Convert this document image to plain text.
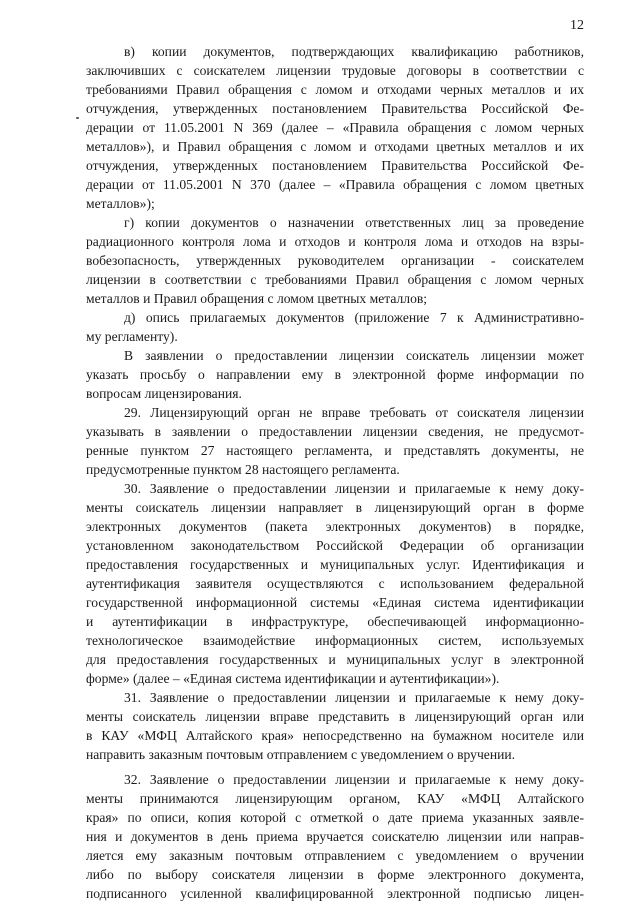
12
в) копии документов, подтверждающих квалификацию работников,
заключивших с соискателем лицензии трудовые договоры в соответствии с
требованиями Правил обращения с ломом и отходами черных металлов и их
отчуждения, утвержденных постановлением Правительства Российской Фе-
дерации от 11.05.2001 N 369 (далее – «Правила обращения с ломом черных
металлов»), и Правил обращения с ломом и отходами цветных металлов и их
отчуждения, утвержденных постановлением Правительства Российской Фе-
дерации от 11.05.2001 N 370 (далее – «Правила обращения с ломом цветных
металлов»);
г) копии документов о назначении ответственных лиц за проведение
радиационного контроля лома и отходов и контроля лома и отходов на взры-
вобезопасность, утвержденных руководителем организации - соискателем
лицензии в соответствии с требованиями Правил обращения с ломом черных
металлов и Правил обращения с ломом цветных металлов;
д) опись прилагаемых документов (приложение 7 к Административно-
му регламенту).
В заявлении о предоставлении лицензии соискатель лицензии может
указать просьбу о направлении ему в электронной форме информации по
вопросам лицензирования.
29. Лицензирующий орган не вправе требовать от соискателя лицензии
указывать в заявлении о предоставлении лицензии сведения, не предусмот-
ренные пунктом 27 настоящего регламента, и представлять документы, не
предусмотренные пунктом 28 настоящего регламента.
30. Заявление о предоставлении лицензии и прилагаемые к нему доку-
менты соискатель лицензии направляет в лицензирующий орган в форме
электронных документов (пакета электронных документов) в порядке,
установленном законодательством Российской Федерации об организации
предоставления государственных и муниципальных услуг. Идентификация и
аутентификация заявителя осуществляются с использованием федеральной
государственной информационной системы «Единая система идентификации
и аутентификации в инфраструктуре, обеспечивающей информационно-
технологическое взаимодействие информационных систем, используемых
для предоставления государственных и муниципальных услуг в электронной
форме» (далее – «Единая система идентификации и аутентификации»).
31. Заявление о предоставлении лицензии и прилагаемые к нему доку-
менты соискатель лицензии вправе представить в лицензирующий орган или
в КАУ «МФЦ Алтайского края» непосредственно на бумажном носителе или
направить заказным почтовым отправлением с уведомлением о вручении.
32. Заявление о предоставлении лицензии и прилагаемые к нему доку-
менты принимаются лицензирующим органом, КАУ «МФЦ Алтайского
края» по описи, копия которой с отметкой о дате приема указанных заявле-
ния и документов в день приема вручается соискателю лицензии или направ-
ляется ему заказным почтовым отправлением с уведомлением о вручении
либо по выбору соискателя лицензии в форме электронного документа,
подписанного усиленной квалифицированной электронной подписью лицен-
